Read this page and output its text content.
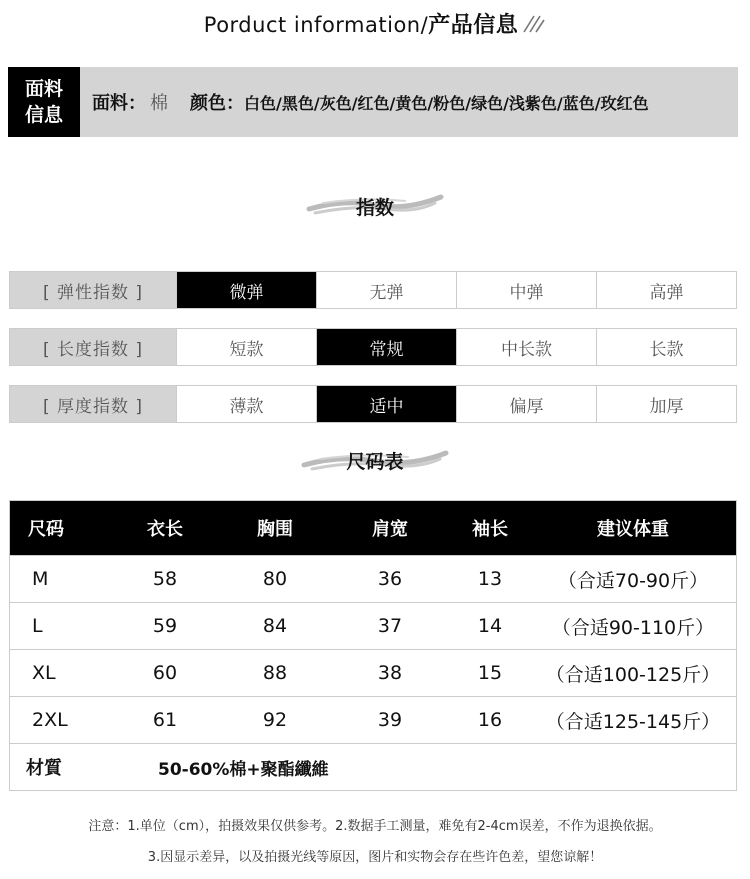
Porduct information/产品信息
面料
信息
面料： 棉 颜色：白色/黑色/灰色/红色/黄色/粉色/绿色/浅紫色/蓝色/玫红色
指数
[ 弹性指数 ]	微弹	无弹	中弹	高弹
[ 长度指数 ]	短款	常规	中长款	长款
[ 厚度指数 ]	薄款	适中	偏厚	加厚
尺码表
尺码	衣长	胸围	肩宽	袖长	建议体重
M	58	80	36	13	（合适70-90斤）
L	59	84	37	14	（合适90-110斤）
XL	60	88	38	15	（合适100-125斤）
2XL	61	92	39	16	（合适125-145斤）
材質	50-60%棉+聚酯纖維
注意：1.单位（cm），拍摄效果仅供参考。2.数据手工测量，难免有2-4cm误差，不作为退换依据。
3.因显示差异，以及拍摄光线等原因，图片和实物会存在些许色差，望您谅解！
